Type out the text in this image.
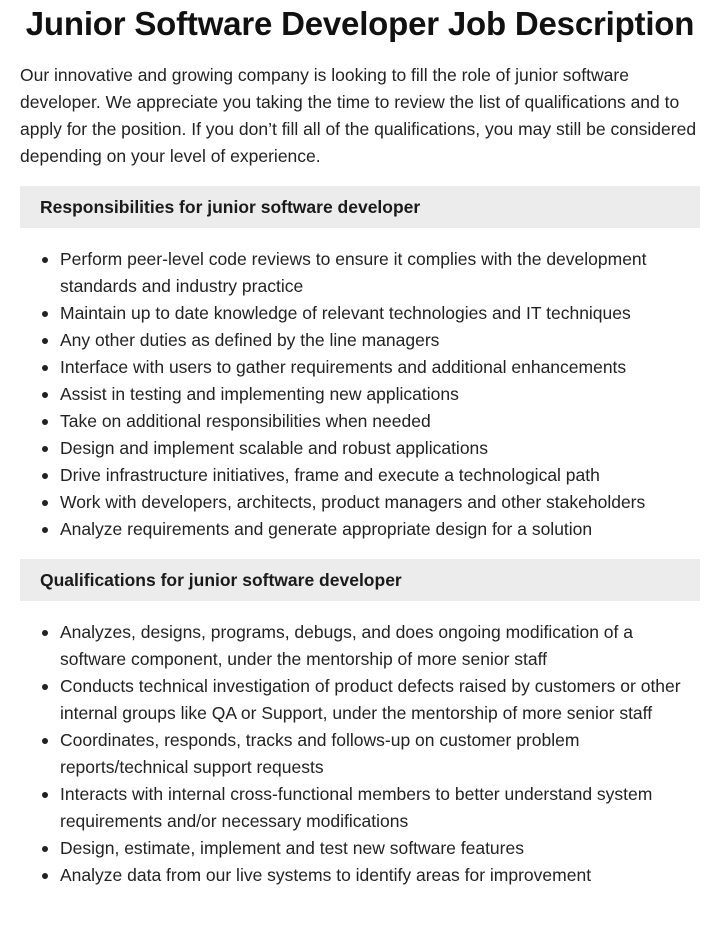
Junior Software Developer Job Description

Our innovative and growing company is looking to fill the role of junior software developer. We appreciate you taking the time to review the list of qualifications and to apply for the position. If you don’t fill all of the qualifications, you may still be considered depending on your level of experience.

Responsibilities for junior software developer
Perform peer-level code reviews to ensure it complies with the development standards and industry practice
Maintain up to date knowledge of relevant technologies and IT techniques
Any other duties as defined by the line managers
Interface with users to gather requirements and additional enhancements
Assist in testing and implementing new applications
Take on additional responsibilities when needed
Design and implement scalable and robust applications
Drive infrastructure initiatives, frame and execute a technological path
Work with developers, architects, product managers and other stakeholders
Analyze requirements and generate appropriate design for a solution
Qualifications for junior software developer
Analyzes, designs, programs, debugs, and does ongoing modification of a software component, under the mentorship of more senior staff
Conducts technical investigation of product defects raised by customers or other internal groups like QA or Support, under the mentorship of more senior staff
Coordinates, responds, tracks and follows-up on customer problem reports/technical support requests
Interacts with internal cross-functional members to better understand system requirements and/or necessary modifications
Design, estimate, implement and test new software features
Analyze data from our live systems to identify areas for improvement
